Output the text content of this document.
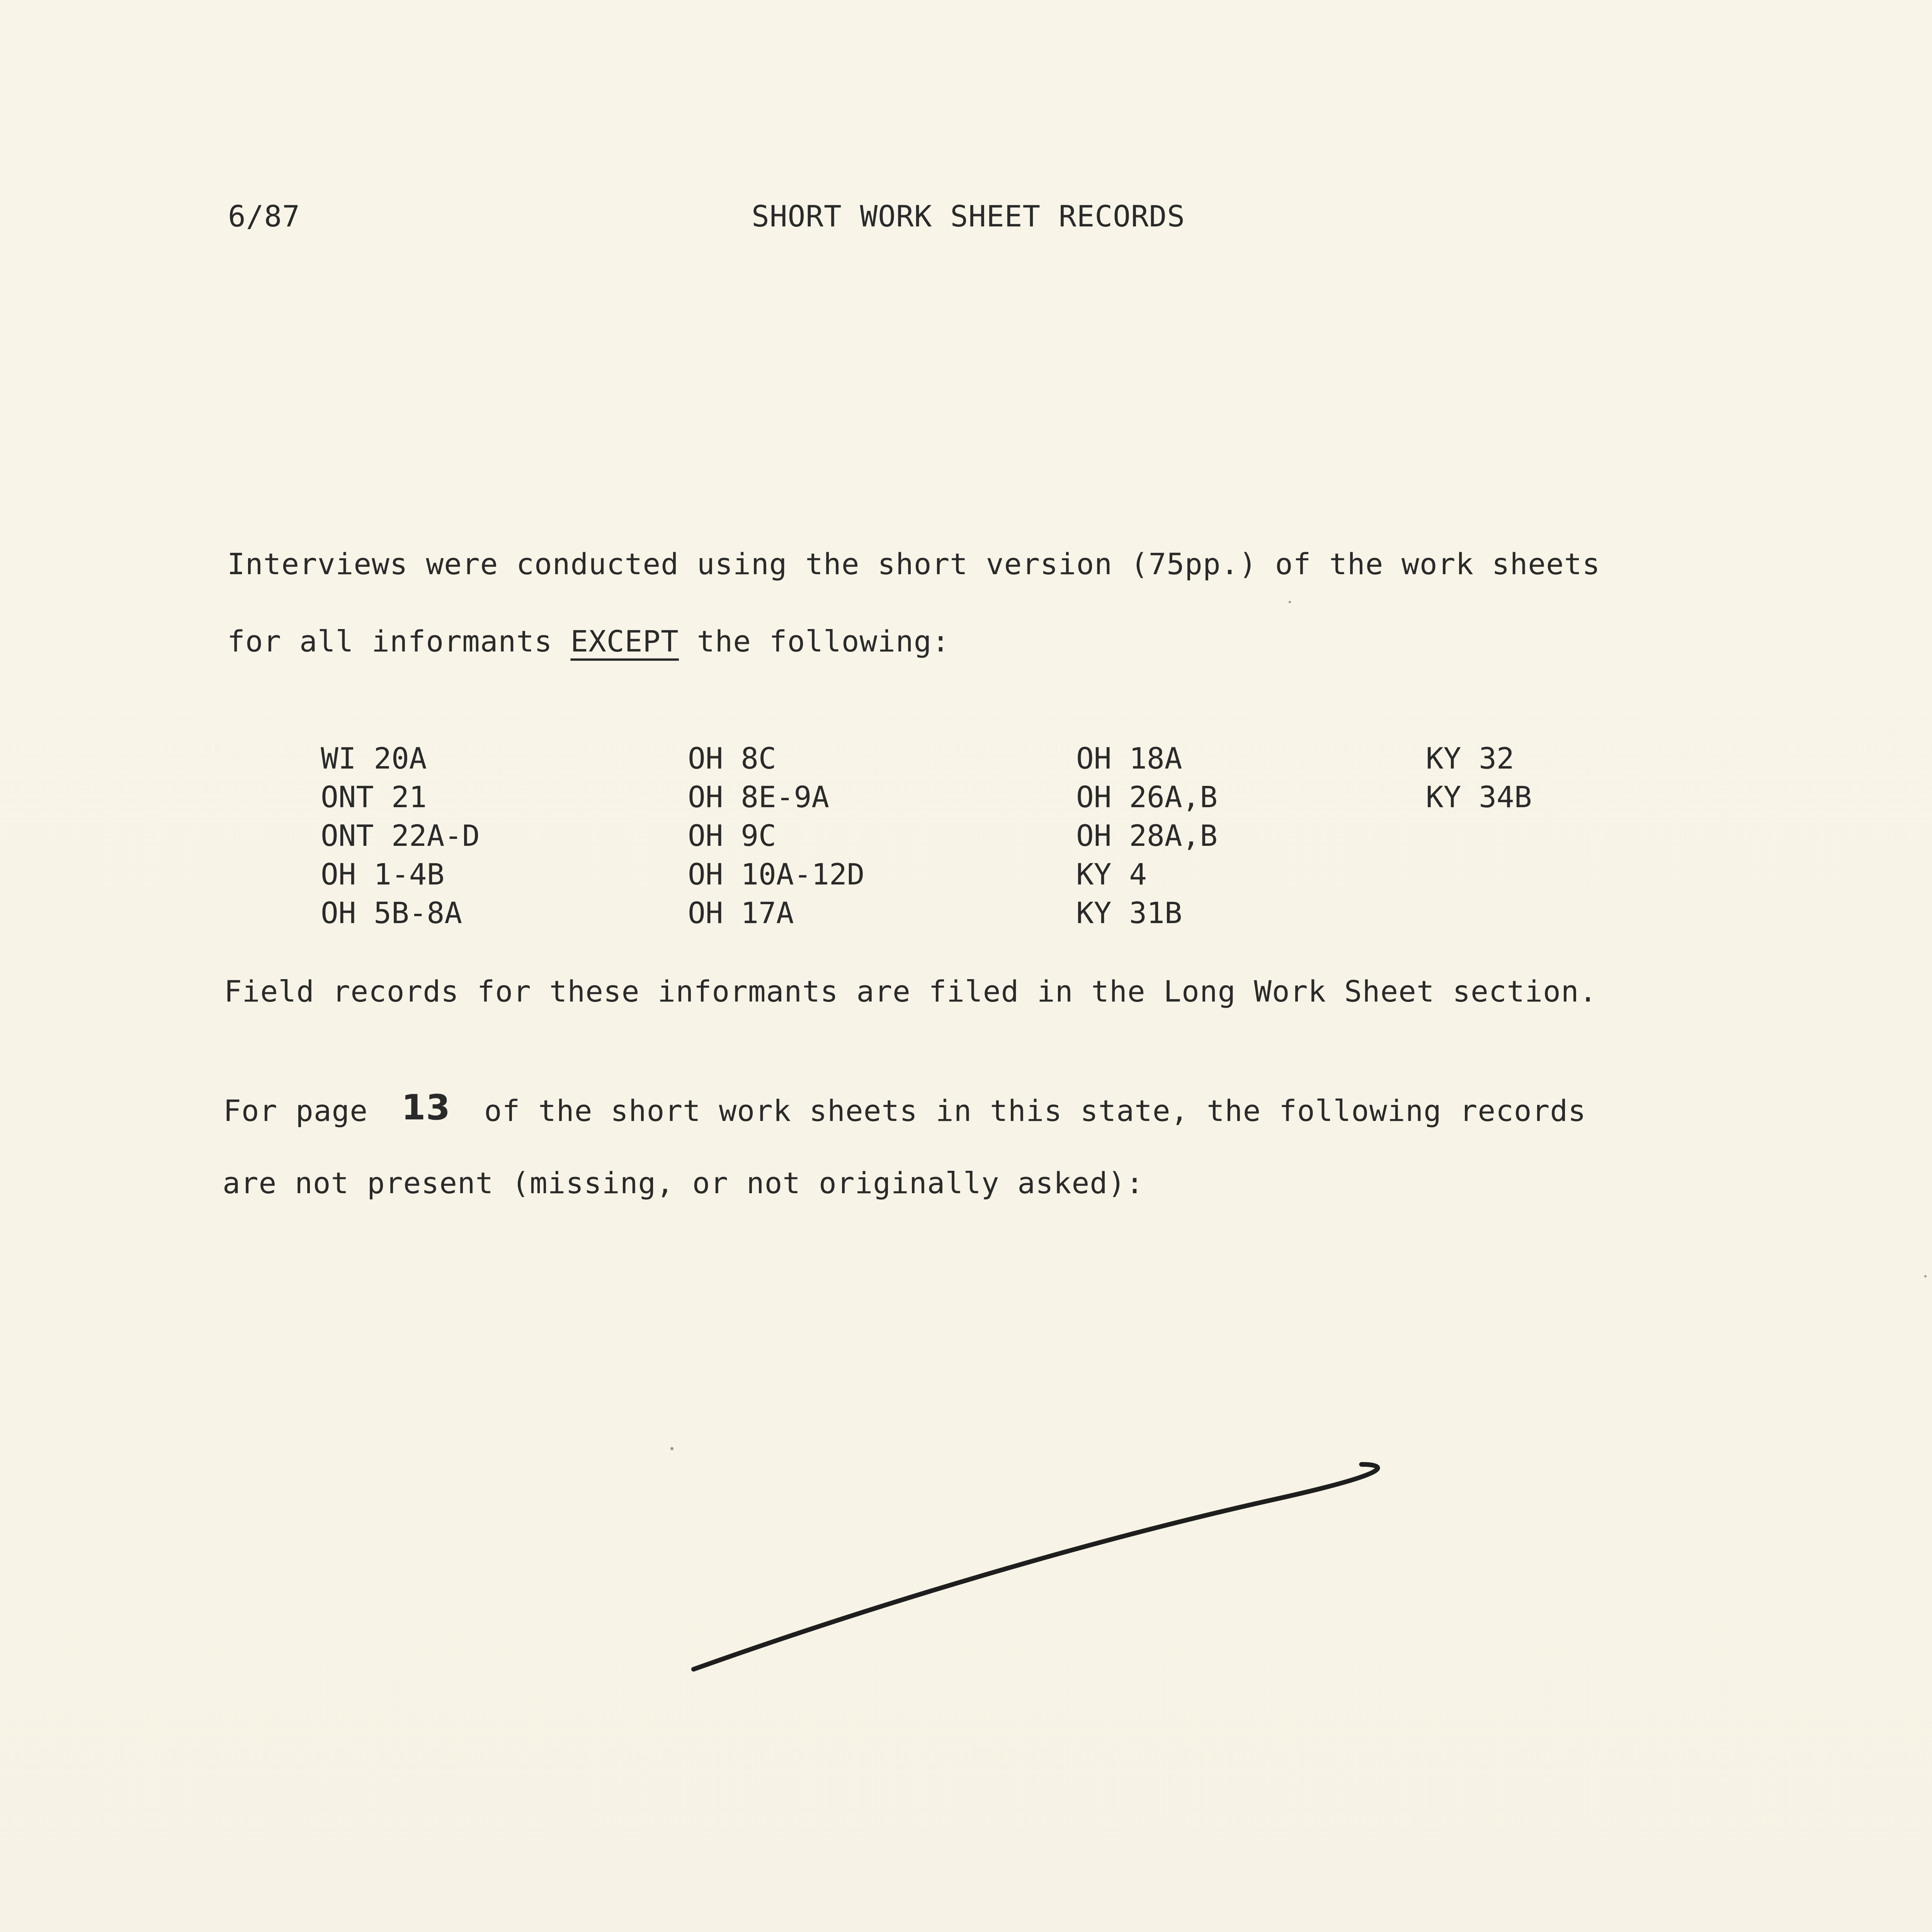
6/87	SHORT WORK SHEET RECORDS
Interviews were conducted using the short version (75pp.) of the work sheets
for all informants EXCEPT the following:
WI 20A
ONT 21
ONT 22A-D
OH 1-4B
OH 5B-8A
OH 8C
OH 8E-9A
OH 9C
OH 10A-12D
OH 17A
OH 18A
OH 26A,B
OH 28A,B
KY 4
KY 31B
KY 32
KY 34B
Field records for these informants are filed in the Long Work Sheet section.
For page 13 of the short work sheets in this state, the following records
are not present (missing, or not originally asked):
